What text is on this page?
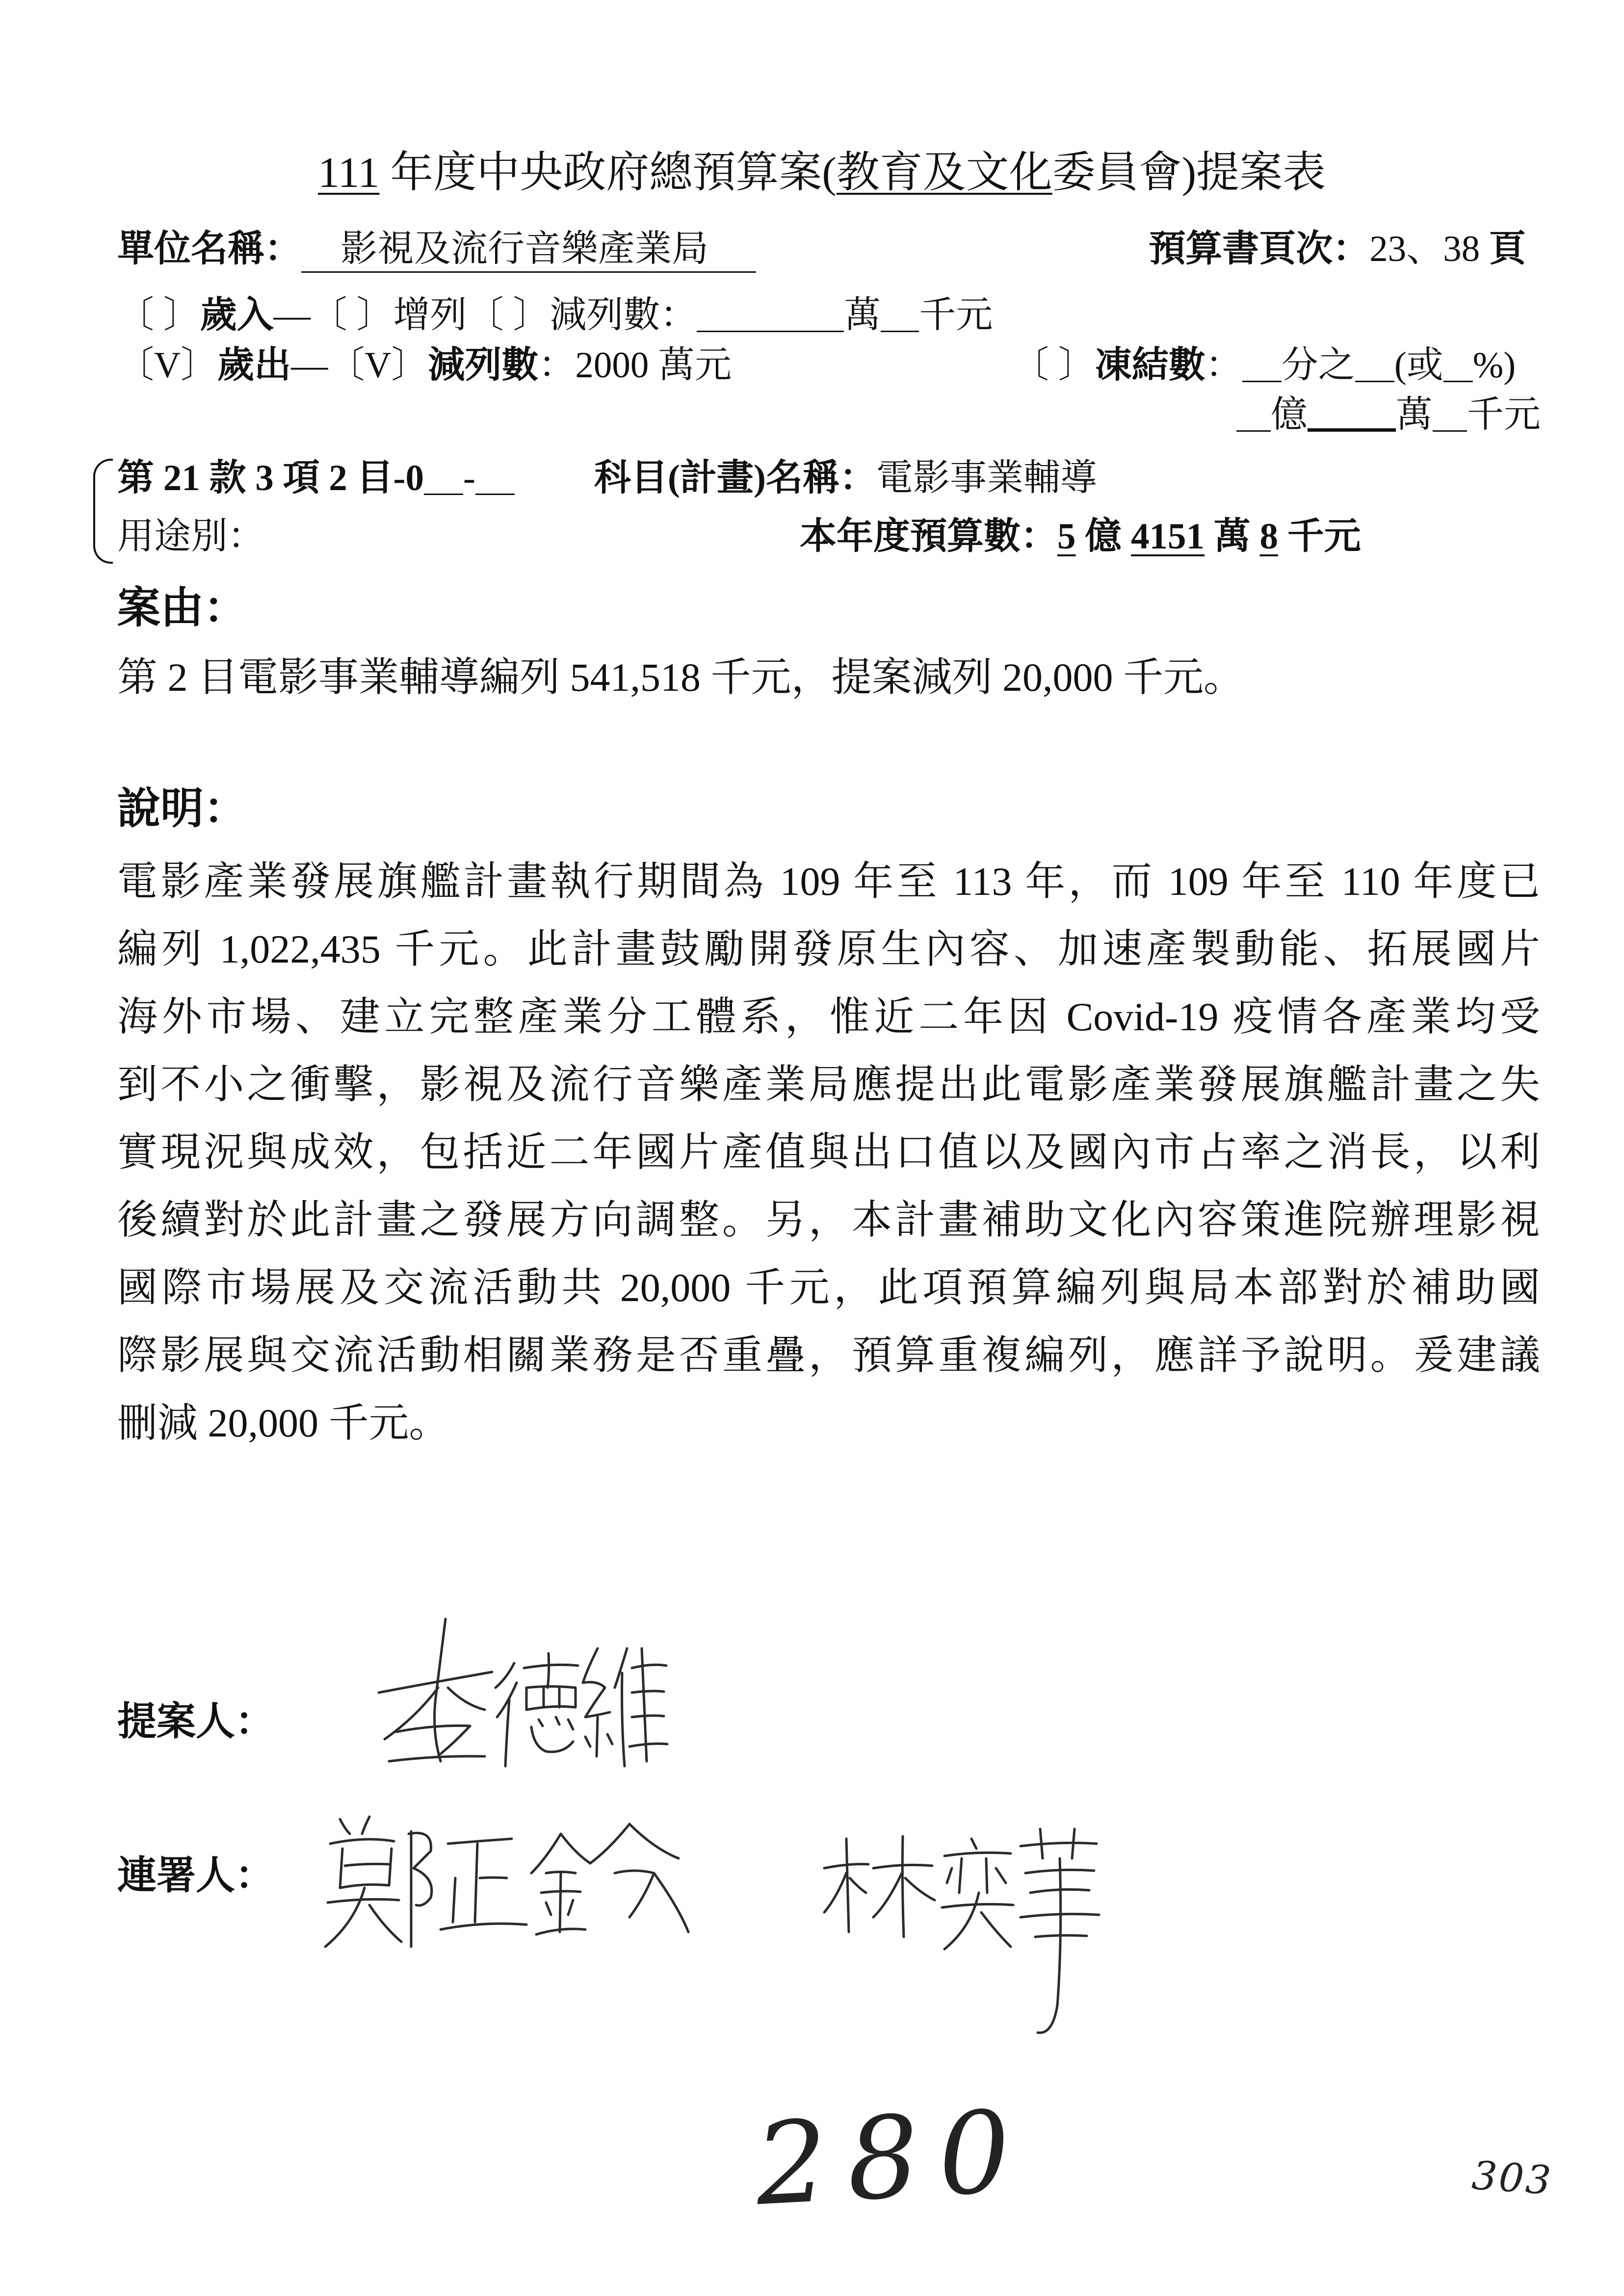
111 年度中央政府總預算案(教育及文化委員會)提案表
單位名稱： 影視及流行音樂產業局	預算書頁次：23、38 頁
〔 〕歲入—〔 〕增列〔 〕減列數：	萬 千元
〔V〕歲出—〔V〕減列數：2000 萬元	〔 〕凍結數： 分之 (或 %)
億 萬 千元
第 21 款 3 項 2 目-0 -	科目(計畫)名稱：電影事業輔導
用途別：	本年度預算數：5 億 4151 萬 8 千元
案由：
第 2 目電影事業輔導編列 541,518 千元，提案減列 20,000 千元。
說明：
電影產業發展旗艦計畫執行期間為 109 年至 113 年，而 109 年至 110 年度已
編列 1,022,435 千元。此計畫鼓勵開發原生內容、加速產製動能、拓展國片
海外市場、建立完整產業分工體系，惟近二年因 Covid-19 疫情各產業均受
到不小之衝擊，影視及流行音樂產業局應提出此電影產業發展旗艦計畫之失
實現況與成效，包括近二年國片產值與出口值以及國內市占率之消長，以利
後續對於此計畫之發展方向調整。另，本計畫補助文化內容策進院辦理影視
國際市場展及交流活動共 20,000 千元，此項預算編列與局本部對於補助國
際影展與交流活動相關業務是否重疊，預算重複編列，應詳予說明。爰建議
刪減 20,000 千元。
提案人：
連署人：
280	303
